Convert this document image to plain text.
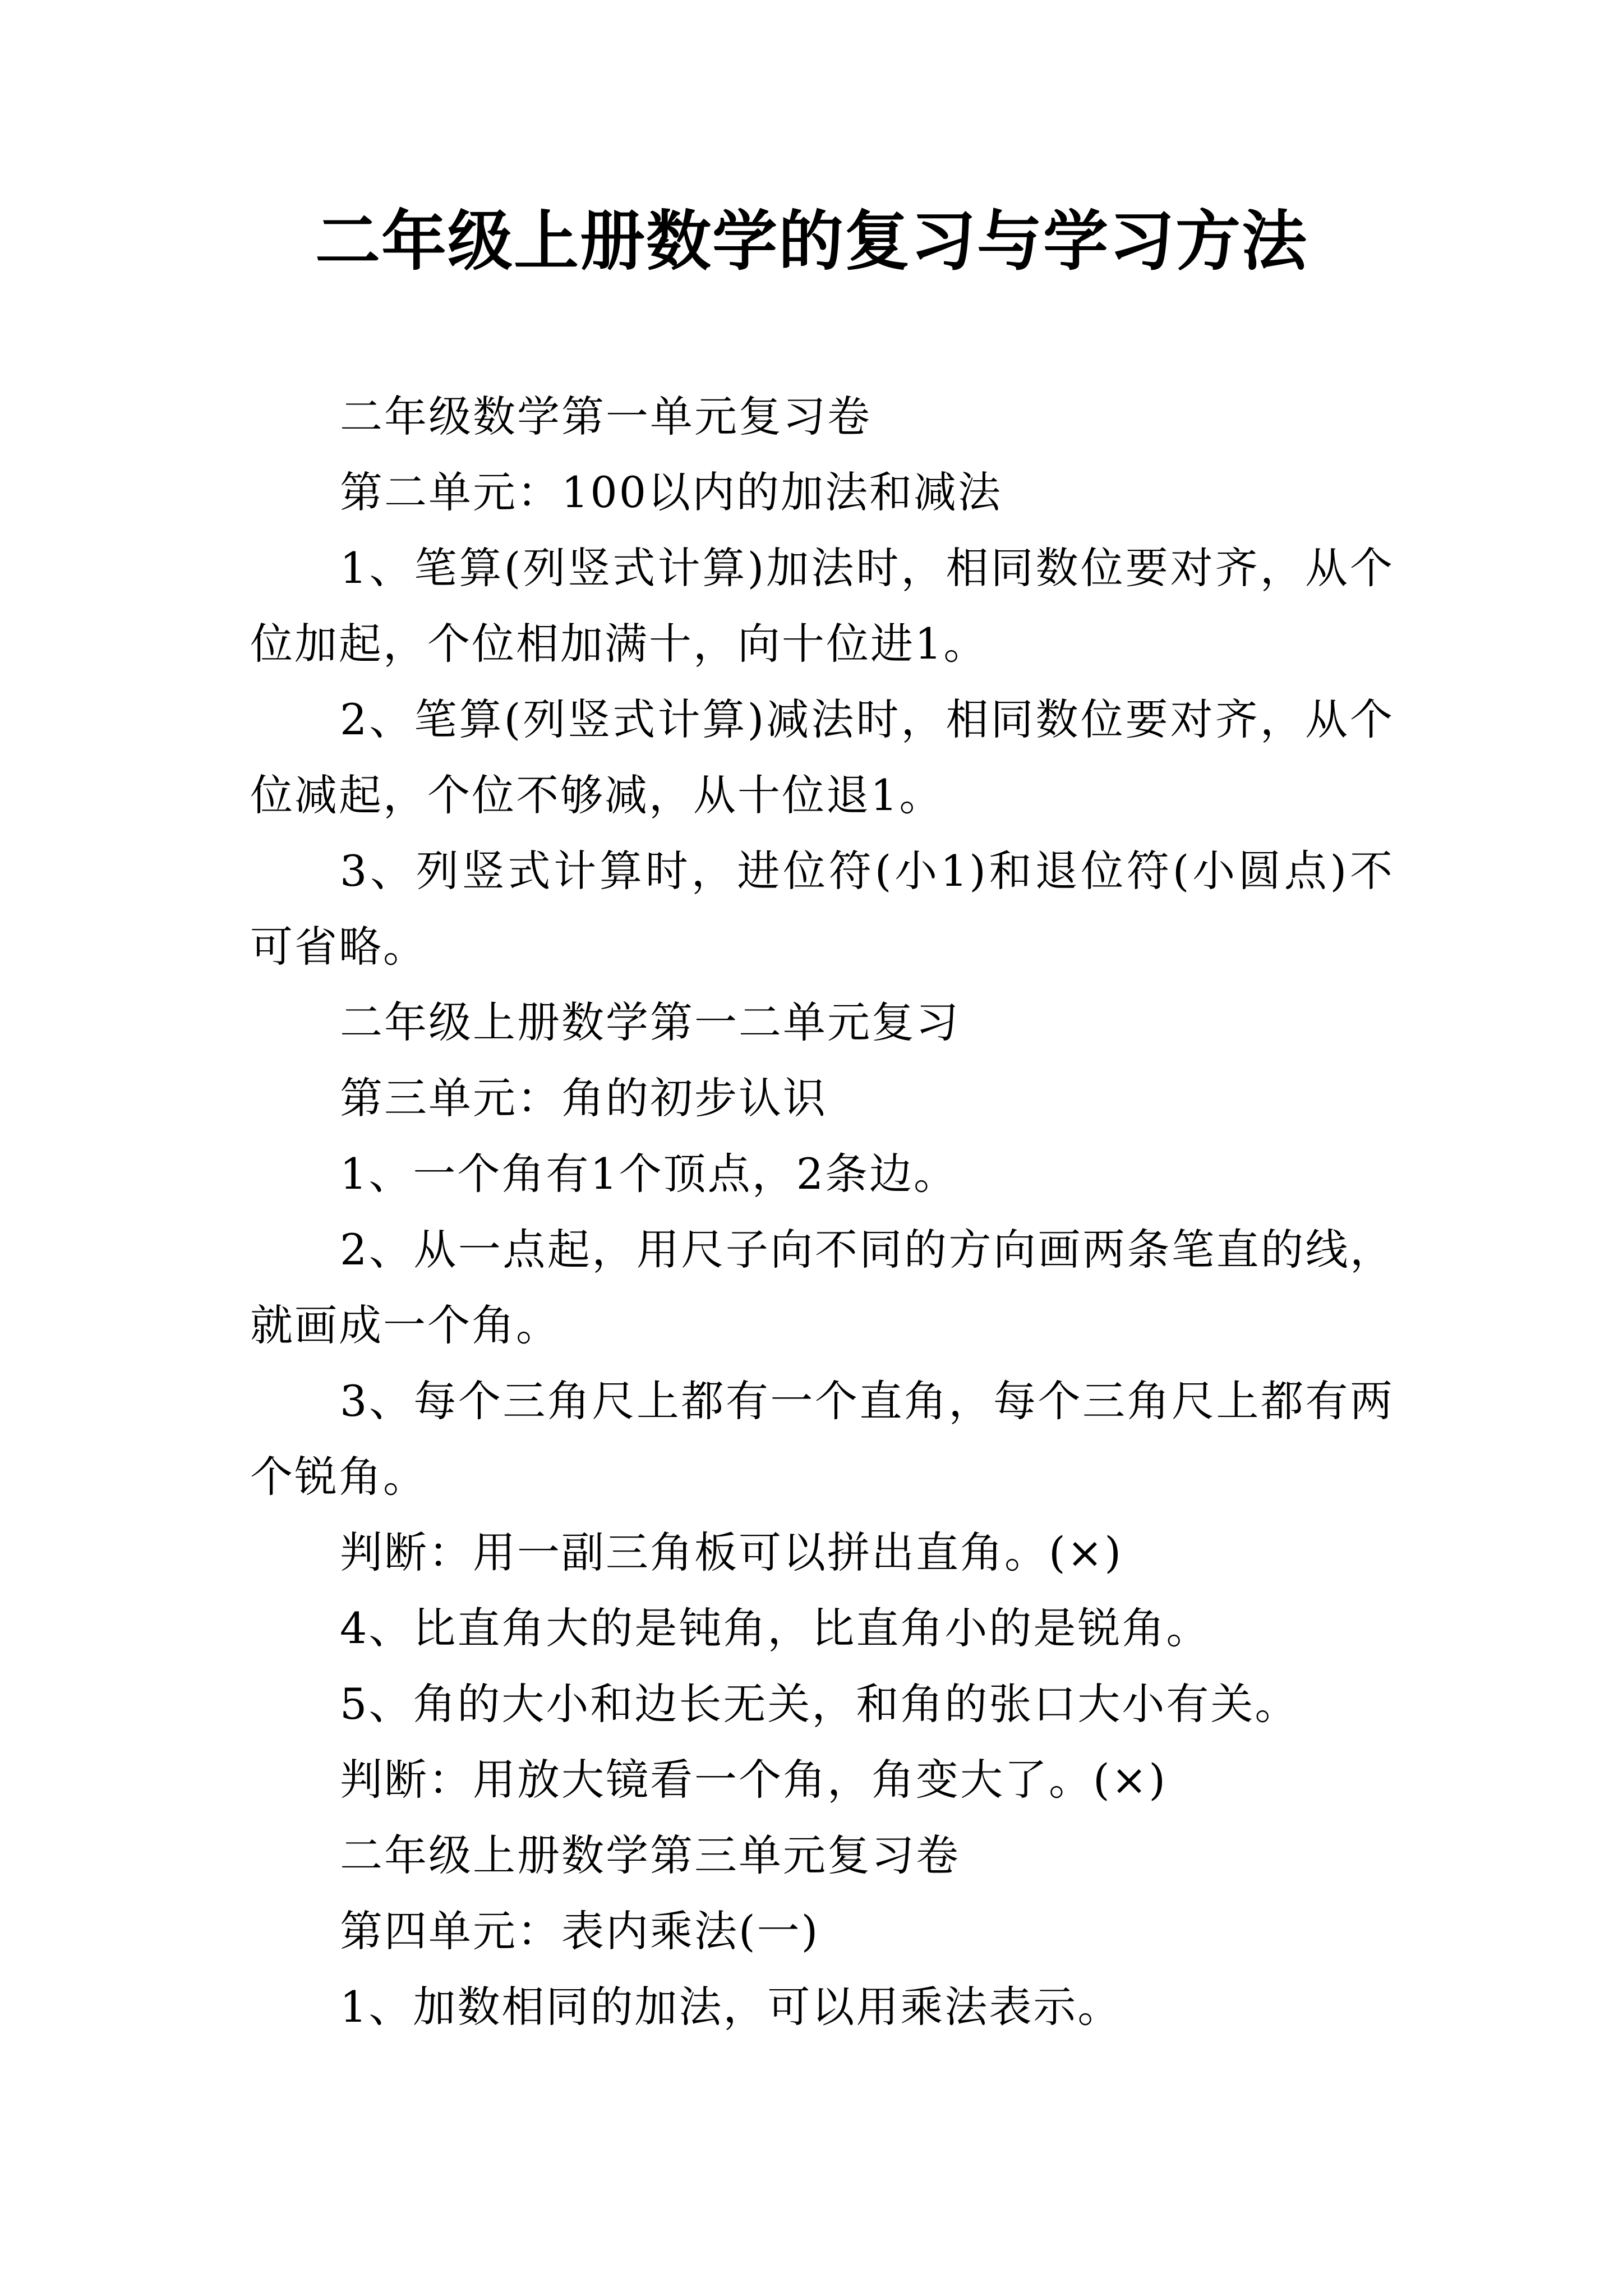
二年级上册数学的复习与学习方法

二年级数学第一单元复习卷

第二单元：100以内的加法和减法

1、笔算(列竖式计算)加法时，相同数位要对齐，从个位加起，个位相加满十，向十位进1。

2、笔算(列竖式计算)减法时，相同数位要对齐，从个位减起，个位不够减，从十位退1。

3、列竖式计算时，进位符(小1)和退位符(小圆点)不可省略。

二年级上册数学第一二单元复习

第三单元：角的初步认识

1、一个角有1个顶点，2条边。

2、从一点起，用尺子向不同的方向画两条笔直的线，就画成一个角。

3、每个三角尺上都有一个直角，每个三角尺上都有两个锐角。

判断：用一副三角板可以拼出直角。(×)

4、比直角大的是钝角，比直角小的是锐角。

5、角的大小和边长无关，和角的张口大小有关。

判断：用放大镜看一个角，角变大了。(×)

二年级上册数学第三单元复习卷

第四单元：表内乘法(一)

1、加数相同的加法，可以用乘法表示。
